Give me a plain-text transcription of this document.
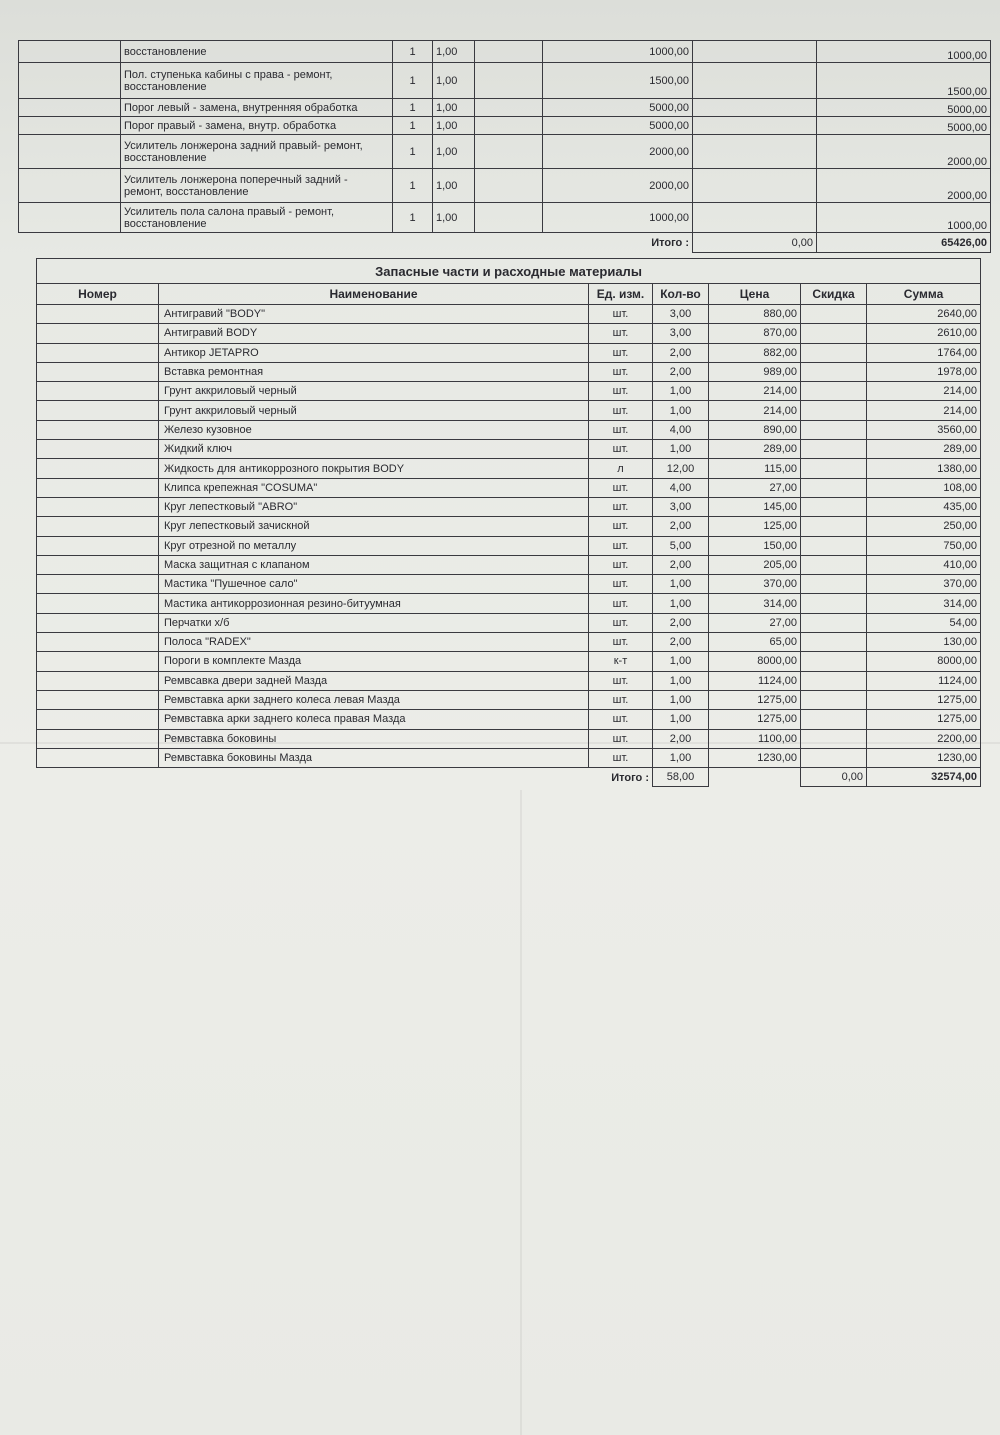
	восстановление	1	1,00		1000,00		1000,00
	Пол. ступенька кабины с права - ремонт, восстановление	1	1,00		1500,00		1500,00
	Порог левый - замена, внутренняя обработка	1	1,00		5000,00		5000,00
	Порог правый - замена, внутр. обработка	1	1,00		5000,00		5000,00
	Усилитель лонжерона задний правый- ремонт, восстановление	1	1,00		2000,00		2000,00
	Усилитель лонжерона поперечный задний - ремонт, восстановление	1	1,00		2000,00		2000,00
	Усилитель пола салона правый - ремонт, восстановление	1	1,00		1000,00		1000,00
					Итого :	0,00	65426,00
Запасные части и расходные материалы						
Номер	Наименование	Ед. изм.	Кол-во	Цена	Скидка	Сумма
	Антигравий "BODY"	шт.	3,00	880,00		2640,00
	Антигравий BODY	шт.	3,00	870,00		2610,00
	Антикор JETAPRO	шт.	2,00	882,00		1764,00
	Вставка ремонтная	шт.	2,00	989,00		1978,00
	Грунт аккриловый черный	шт.	1,00	214,00		214,00
	Грунт аккриловый черный	шт.	1,00	214,00		214,00
	Железо кузовное	шт.	4,00	890,00		3560,00
	Жидкий ключ	шт.	1,00	289,00		289,00
	Жидкость для антикоррозного покрытия BODY	л	12,00	115,00		1380,00
	Клипса крепежная "COSUMA"	шт.	4,00	27,00		108,00
	Круг лепестковый "ABRO"	шт.	3,00	145,00		435,00
	Круг лепестковый зачискной	шт.	2,00	125,00		250,00
	Круг отрезной по металлу	шт.	5,00	150,00		750,00
	Маска защитная с клапаном	шт.	2,00	205,00		410,00
	Мастика "Пушечное сало"	шт.	1,00	370,00		370,00
	Мастика антикоррозионная резино-битуумная	шт.	1,00	314,00		314,00
	Перчатки х/б	шт.	2,00	27,00		54,00
	Полоса "RADEX"	шт.	2,00	65,00		130,00
	Пороги в комплекте Мазда	к-т	1,00	8000,00		8000,00
	Ремвсавка двери задней Мазда	шт.	1,00	1124,00		1124,00
	Ремвставка арки заднего колеса левая Мазда	шт.	1,00	1275,00		1275,00
	Ремвставка арки заднего колеса правая Мазда	шт.	1,00	1275,00		1275,00
	Ремвставка боковины	шт.	2,00	1100,00		2200,00
	Ремвставка боковины Мазда	шт.	1,00	1230,00		1230,00
		Итого :	58,00		0,00	32574,00
